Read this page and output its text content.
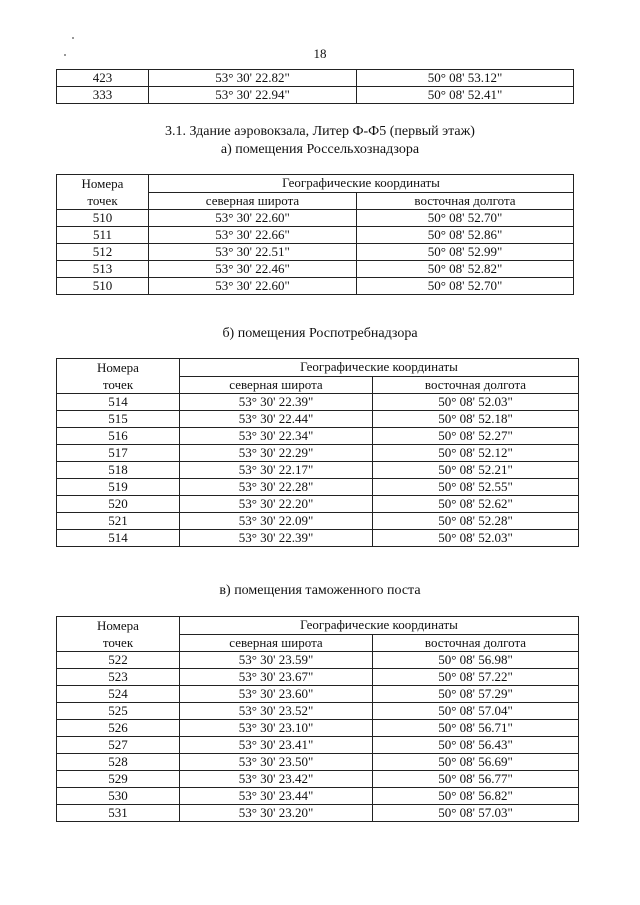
18
423	53° 30' 22.82"	50° 08' 53.12"
333	53° 30' 22.94"	50° 08' 52.41"
3.1. Здание аэровокзала, Литер Ф-Ф5 (первый этаж)
а) помещения Россельхознадзора
Номера
точек	Географические координаты	
	северная широта	восточная долгота
510	53° 30' 22.60"	50° 08' 52.70"
511	53° 30' 22.66"	50° 08' 52.86"
512	53° 30' 22.51"	50° 08' 52.99"
513	53° 30' 22.46"	50° 08' 52.82"
510	53° 30' 22.60"	50° 08' 52.70"
б) помещения Роспотребнадзора
Номера
точек	Географические координаты	
	северная широта	восточная долгота
514	53° 30' 22.39"	50° 08' 52.03"
515	53° 30' 22.44"	50° 08' 52.18"
516	53° 30' 22.34"	50° 08' 52.27"
517	53° 30' 22.29"	50° 08' 52.12"
518	53° 30' 22.17"	50° 08' 52.21"
519	53° 30' 22.28"	50° 08' 52.55"
520	53° 30' 22.20"	50° 08' 52.62"
521	53° 30' 22.09"	50° 08' 52.28"
514	53° 30' 22.39"	50° 08' 52.03"
в) помещения таможенного поста
Номера
точек	Географические координаты	
	северная широта	восточная долгота
522	53° 30' 23.59"	50° 08' 56.98"
523	53° 30' 23.67"	50° 08' 57.22"
524	53° 30' 23.60"	50° 08' 57.29"
525	53° 30' 23.52"	50° 08' 57.04"
526	53° 30' 23.10"	50° 08' 56.71"
527	53° 30' 23.41"	50° 08' 56.43"
528	53° 30' 23.50"	50° 08' 56.69"
529	53° 30' 23.42"	50° 08' 56.77"
530	53° 30' 23.44"	50° 08' 56.82"
531	53° 30' 23.20"	50° 08' 57.03"
